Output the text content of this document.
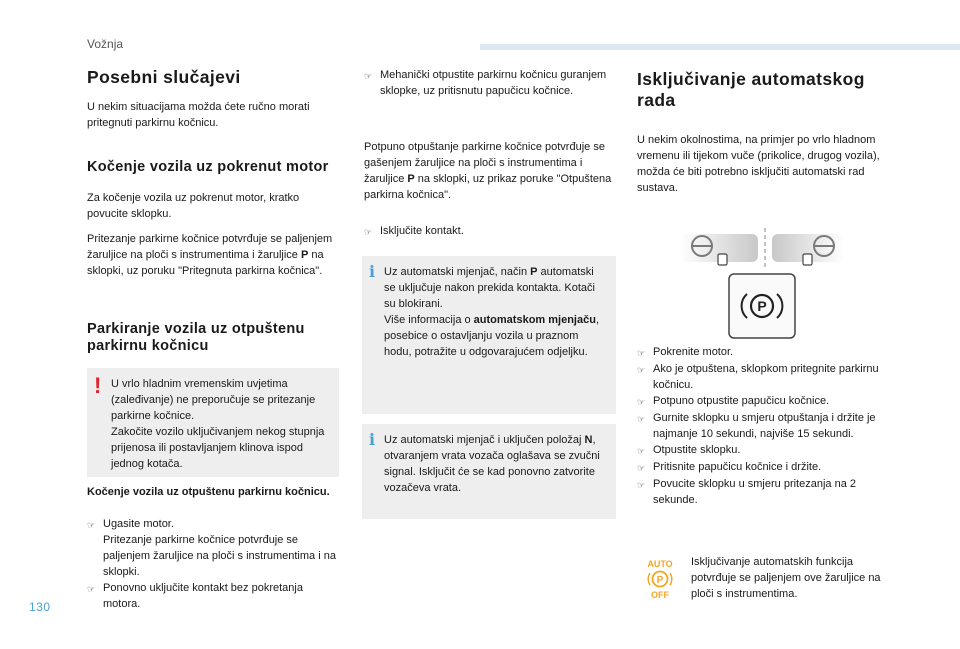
Vožnja
130
Posebni slučajevi

U nekim situacijama možda ćete ručno morati pritegnuti parkirnu kočnicu.

Kočenje vozila uz pokrenut motor

Za kočenje vozila uz pokrenut motor, kratko povucite sklopku.

Pritezanje parkirne kočnice potvrđuje se paljenjem žaruljice na ploči s instrumentima i žaruljice P na sklopki, uz poruku "Pritegnuta parkirna kočnica".

Parkiranje vozila uz otpuštenu
parkirnu kočnicu
! U vrlo hladnim vremenskim uvjetima (zaleđivanje) ne preporučuje se pritezanje parkirne kočnice.
Zakočite vozilo uključivanjem nekog stupnja prijenosa ili postavljanjem klinova ispod jednog kotača.

Kočenje vozila uz otpuštenu parkirnu kočnicu.

☞ Ugasite motor.
Pritezanje parkirne kočnice potvrđuje se paljenjem žaruljice na ploči s instrumentima i na sklopki.
☞ Ponovno uključite kontakt bez pokretanja motora.
☞ Mehanički otpustite parkirnu kočnicu guranjem sklopke, uz pritisnutu papučicu kočnice.

Potpuno otpuštanje parkirne kočnice potvrđuje se gašenjem žaruljice na ploči s instrumentima i žaruljice P na sklopki, uz prikaz poruke "Otpuštena parkirna kočnica".

☞ Isključite kontakt.
i Uz automatski mjenjač, način P automatski se uključuje nakon prekida kontakta. Kotači su blokirani.
Više informacija o automatskom mjenjaču, posebice o ostavljanju vozila u praznom hodu, potražite u odgovarajućem odjeljku.
i Uz automatski mjenjač i uključen položaj N, otvaranjem vrata vozača oglašava se zvučni signal. Isključit će se kad ponovno zatvorite vozačeva vrata.
Isključivanje automatskog
rada

U nekim okolnostima, na primjer po vrlo hladnom vremenu ili tijekom vuče (prikolice, drugog vozila), možda će biti potrebno isključiti automatski rad sustava.

P
☞ Pokrenite motor.
☞ Ako je otpuštena, sklopkom pritegnite parkirnu kočnicu.
☞ Potpuno otpustite papučicu kočnice.
☞ Gurnite sklopku u smjeru otpuštanja i držite je najmanje 10 sekundi, najviše 15 sekundi.
☞ Otpustite sklopku.
☞ Pritisnite papučicu kočnice i držite.
☞ Povucite sklopku u smjeru pritezanja na 2 sekunde.
AUTO
P
OFF

Isključivanje automatskih funkcija potvrđuje se paljenjem ove žaruljice na ploči s instrumentima.
